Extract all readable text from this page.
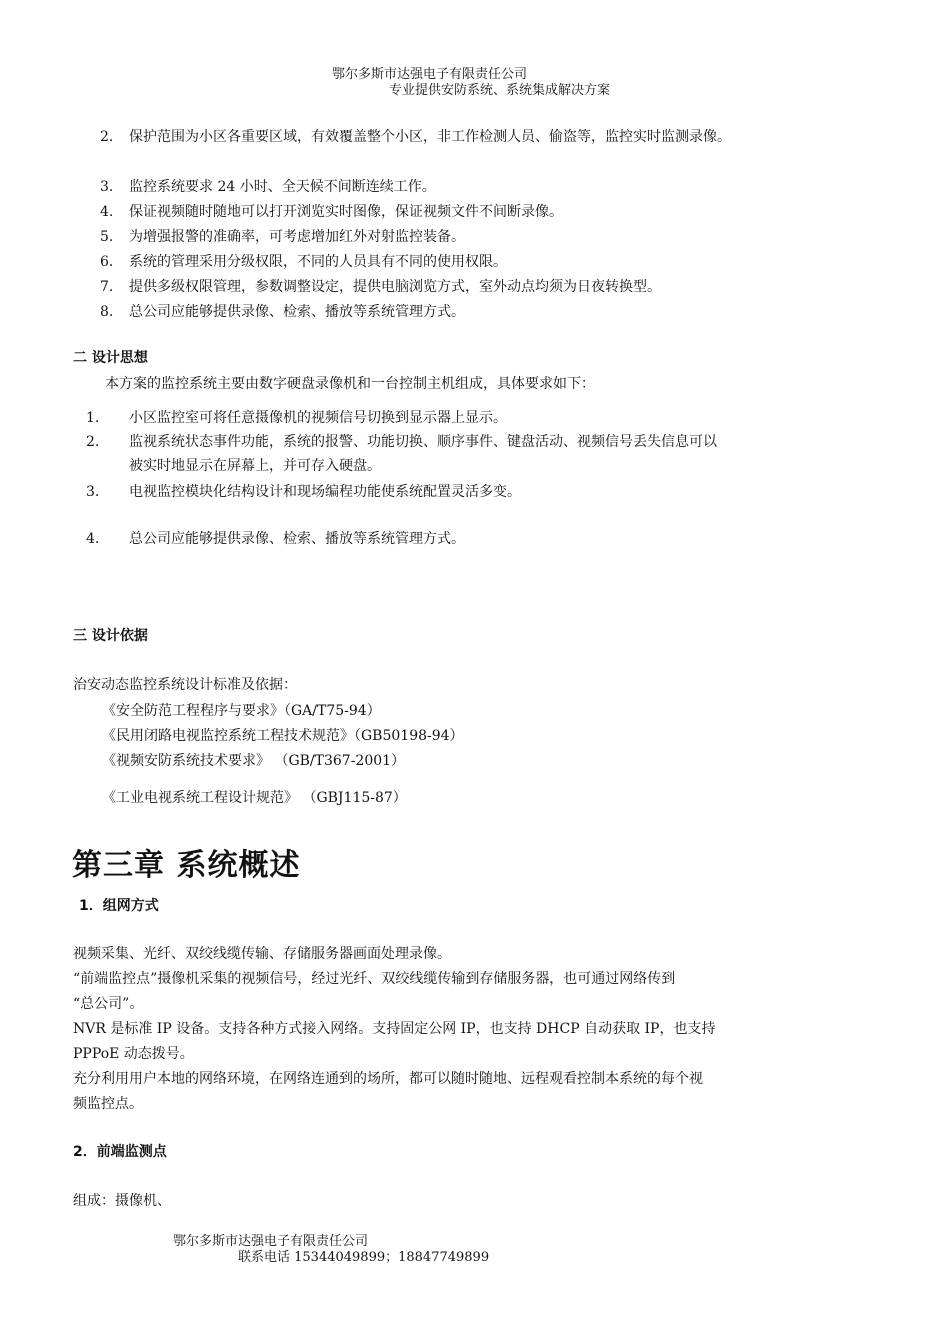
鄂尔多斯市达强电子有限责任公司
专业提供安防系统、系统集成解决方案
2. 保护范围为小区各重要区域，有效覆盖整个小区，非工作检测人员、偷盗等，监控实时监测录像。
3. 监控系统要求 24 小时、全天候不间断连续工作。
4. 保证视频随时随地可以打开浏览实时图像，保证视频文件不间断录像。
5. 为增强报警的准确率，可考虑增加红外对射监控装备。
6. 系统的管理采用分级权限，不同的人员具有不同的使用权限。
7. 提供多级权限管理，参数调整设定，提供电脑浏览方式，室外动点均须为日夜转换型。
8. 总公司应能够提供录像、检索、播放等系统管理方式。
二 设计思想
本方案的监控系统主要由数字硬盘录像机和一台控制主机组成，具体要求如下：
1. 小区监控室可将任意摄像机的视频信号切换到显示器上显示。
2. 监视系统状态事件功能，系统的报警、功能切换、顺序事件、键盘活动、视频信号丢失信息可以
被实时地显示在屏幕上，并可存入硬盘。
3. 电视监控模块化结构设计和现场编程功能使系统配置灵活多变。
4. 总公司应能够提供录像、检索、播放等系统管理方式。
三 设计依据
治安动态监控系统设计标准及依据：
《安全防范工程程序与要求》（GA/T75-94）
《民用闭路电视监控系统工程技术规范》（GB50198-94）
《视频安防系统技术要求》 （GB/T367-2001）
《工业电视系统工程设计规范》 （GBJ115-87）
第三章 系统概述
1．组网方式
视频采集、光纤、双绞线缆传输、存储服务器画面处理录像。
“前端监控点”摄像机采集的视频信号，经过光纤、双绞线缆传输到存储服务器，也可通过网络传到
“总公司”。
NVR 是标准 IP 设备。支持各种方式接入网络。支持固定公网 IP，也支持 DHCP 自动获取 IP，也支持
PPPoE 动态拨号。
充分利用用户本地的网络环境，在网络连通到的场所，都可以随时随地、远程观看控制本系统的每个视
频监控点。
2．前端监测点
组成：摄像机、
鄂尔多斯市达强电子有限责任公司
联系电话 15344049899；18847749899
